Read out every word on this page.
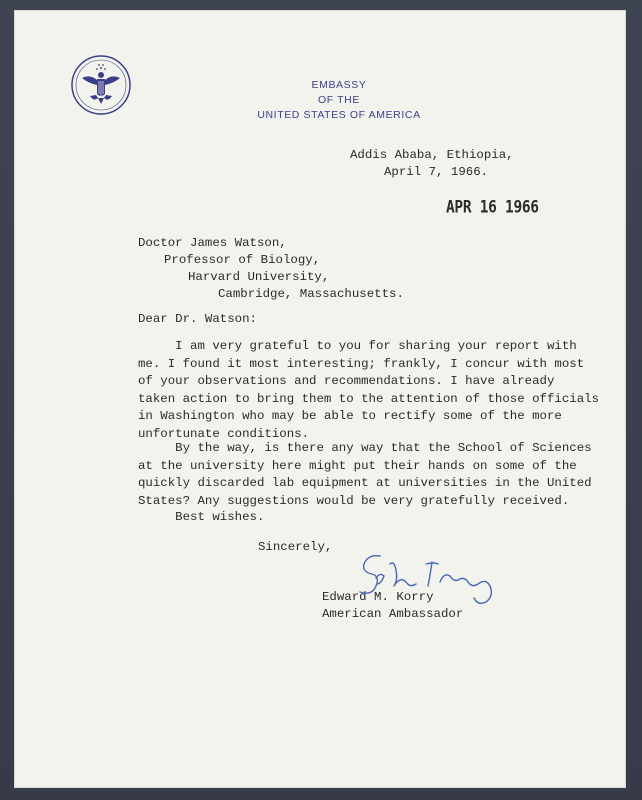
EMBASSY
OF THE
UNITED STATES OF AMERICA
Addis Ababa, Ethiopia,
April 7, 1966.
APR 16 1966
Doctor James Watson,
Professor of Biology,
Harvard University,
Cambridge, Massachusetts.
Dear Dr. Watson:
I am very grateful to you for sharing your report with
me. I found it most interesting; frankly, I concur with most
of your observations and recommendations. I have already
taken action to bring them to the attention of those officials
in Washington who may be able to rectify some of the more
unfortunate conditions.
By the way, is there any way that the School of Sciences
at the university here might put their hands on some of the
quickly discarded lab equipment at universities in the United
States? Any suggestions would be very gratefully received.
Best wishes.
Sincerely,
Edward M. Korry
American Ambassador
